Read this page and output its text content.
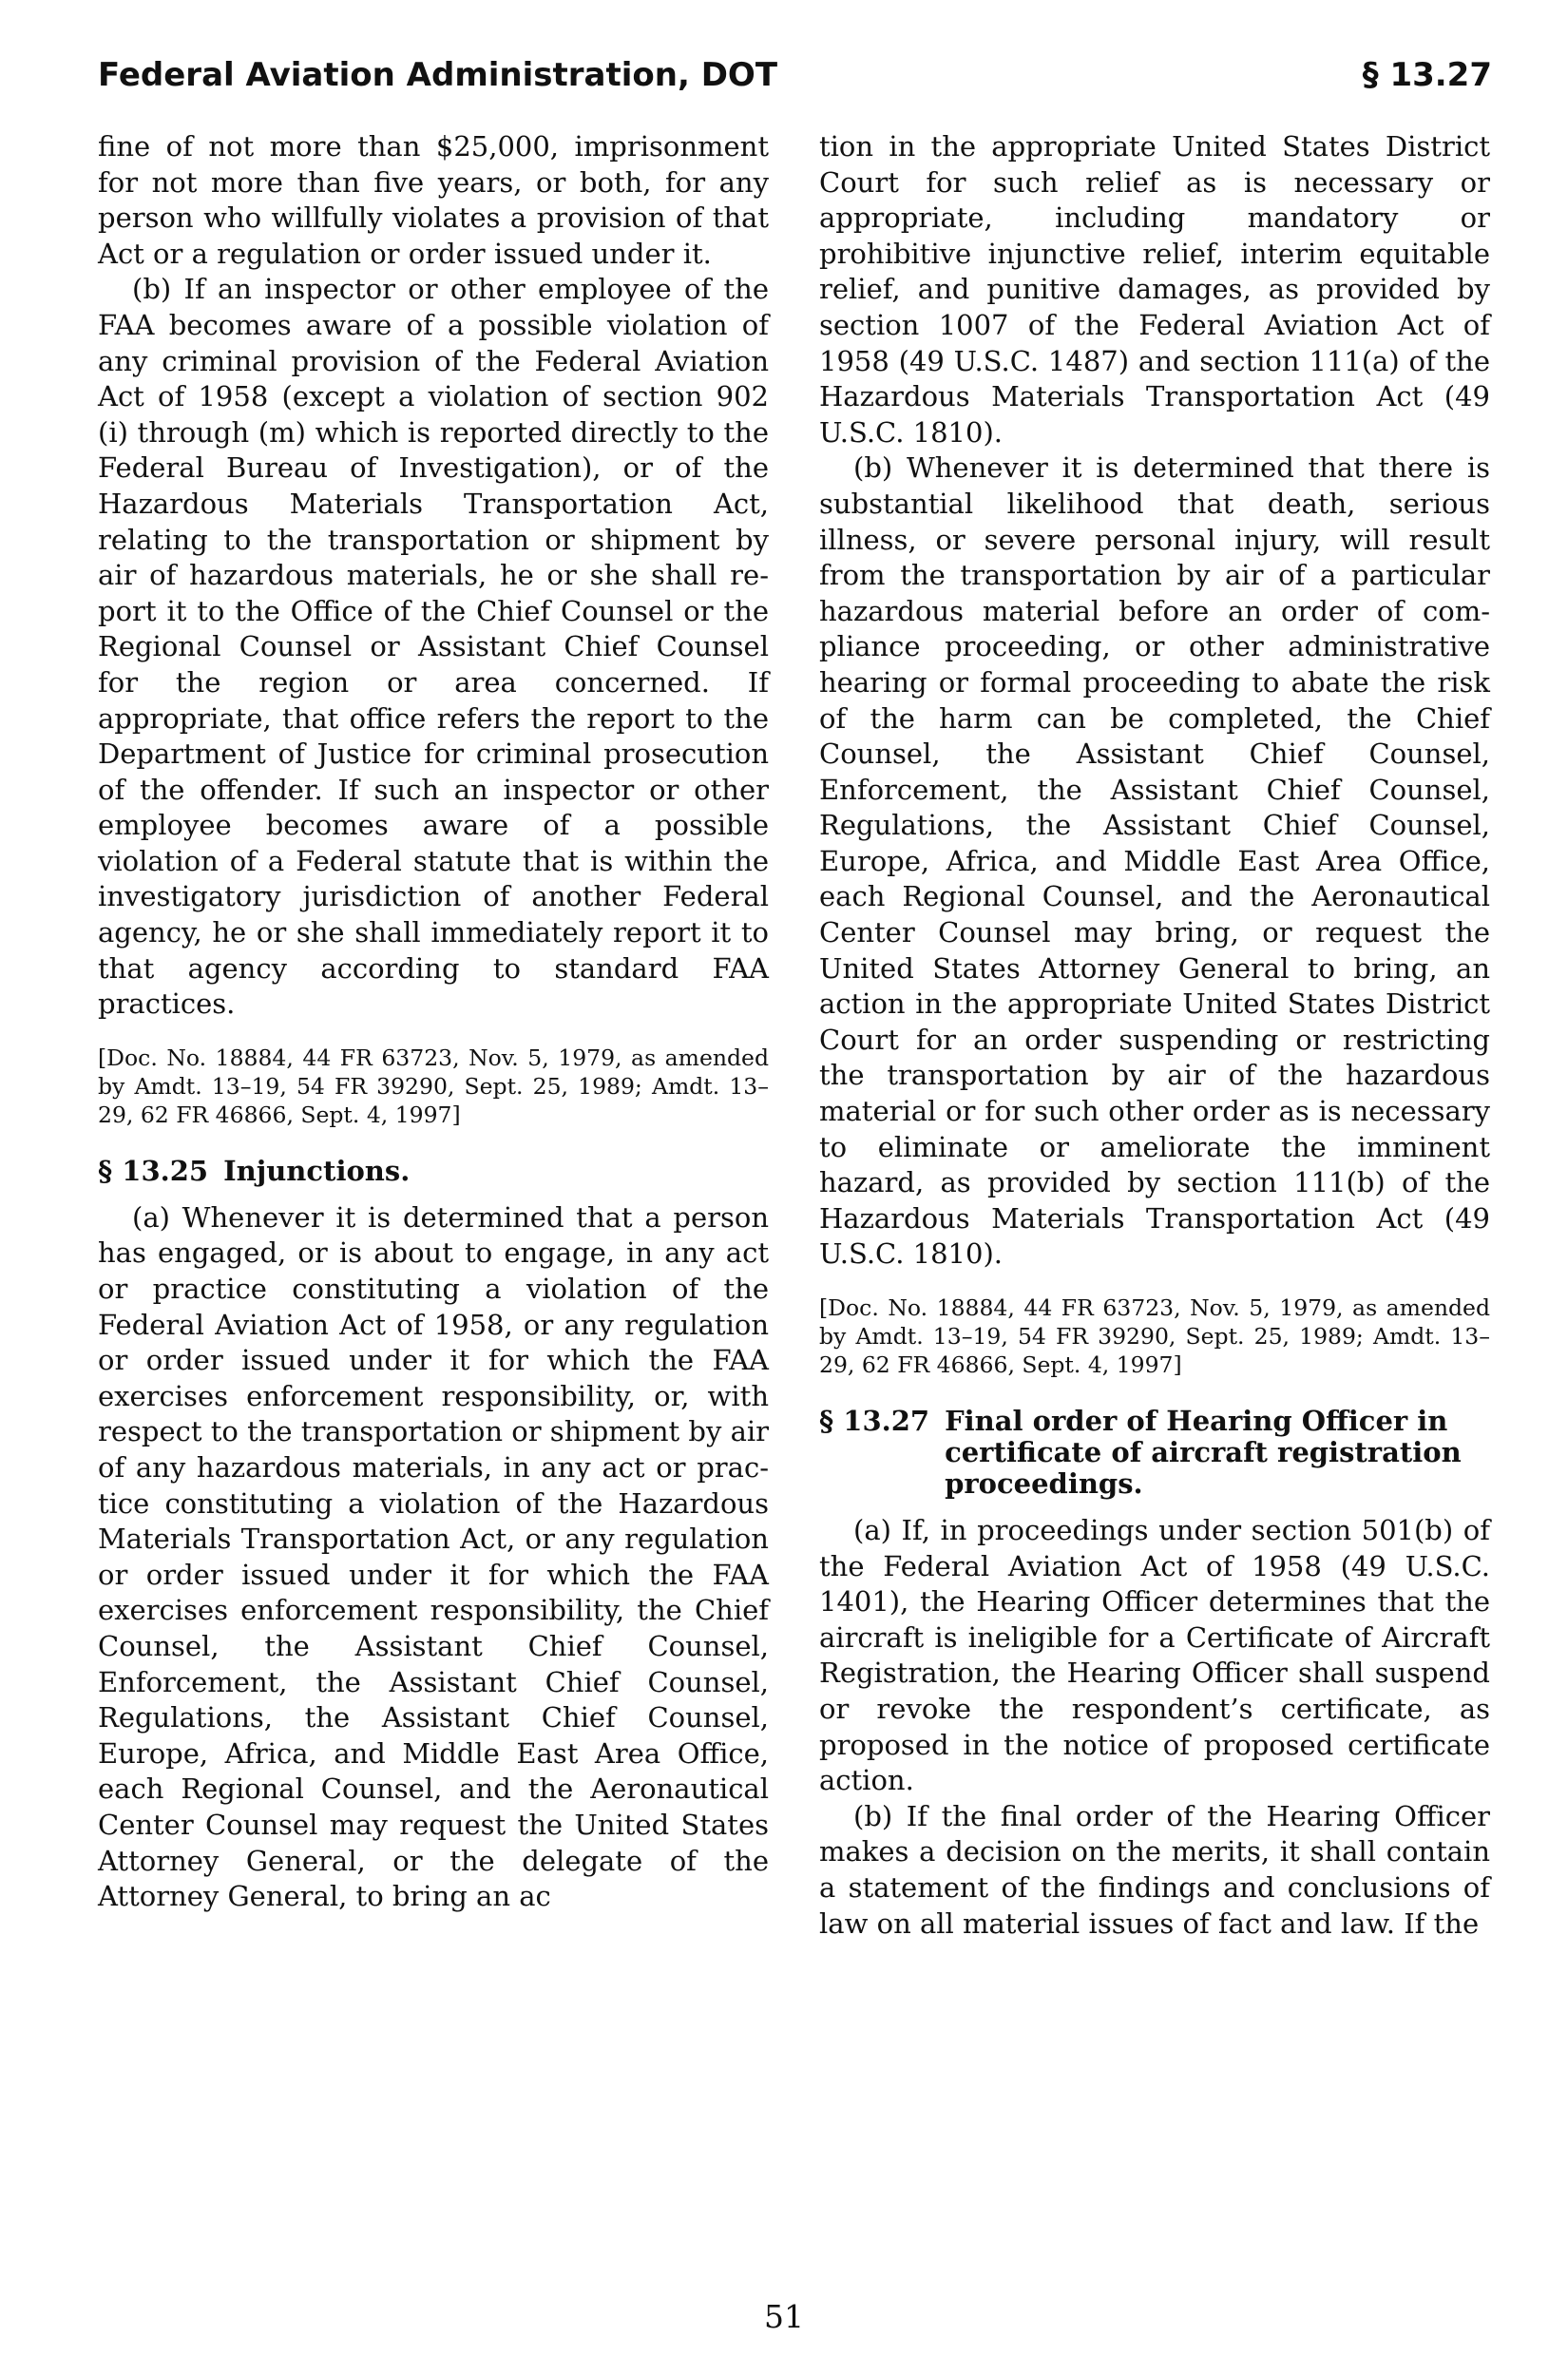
Federal Aviation Administration, DOT	§ 13.27

fine of not more than $25,000, imprisonment for not more than five years, or both, for any person who willfully violates a provision of that Act or a regulation or order issued under it.

(b) If an inspector or other employee of the FAA becomes aware of a possible violation of any criminal provision of the Federal Aviation Act of 1958 (except a violation of section 902 (i) through (m) which is reported directly to the Federal Bureau of Investigation), or of the Hazardous Materials Transportation Act, relating to the transportation or shipment by air of hazardous materials, he or she shall report it to the Office of the Chief Counsel or the Regional Counsel or Assistant Chief Counsel for the region or area concerned. If appropriate, that office refers the report to the Department of Justice for criminal prosecution of the offender. If such an inspector or other employee becomes aware of a possible violation of a Federal statute that is within the investigatory jurisdiction of another Federal agency, he or she shall immediately report it to that agency according to standard FAA practices.

[Doc. No. 18884, 44 FR 63723, Nov. 5, 1979, as amended by Amdt. 13–19, 54 FR 39290, Sept. 25, 1989; Amdt. 13–29, 62 FR 46866, Sept. 4, 1997]

§ 13.25 Injunctions.

(a) Whenever it is determined that a person has engaged, or is about to engage, in any act or practice constituting a violation of the Federal Aviation Act of 1958, or any regulation or order issued under it for which the FAA exercises enforcement responsibility, or, with respect to the transportation or shipment by air of any hazardous materials, in any act or practice constituting a violation of the Hazardous Materials Transportation Act, or any regulation or order issued under it for which the FAA exercises enforcement responsibility, the Chief Counsel, the Assistant Chief Counsel, Enforcement, the Assistant Chief Counsel, Regulations, the Assistant Chief Counsel, Europe, Africa, and Middle East Area Office, each Regional Counsel, and the Aeronautical Center Counsel may request the United States Attorney General, or the delegate of the Attorney General, to bring an ac

tion in the appropriate United States District Court for such relief as is necessary or appropriate, including mandatory or prohibitive injunctive relief, interim equitable relief, and punitive damages, as provided by section 1007 of the Federal Aviation Act of 1958 (49 U.S.C. 1487) and section 111(a) of the Hazardous Materials Transportation Act (49 U.S.C. 1810).

(b) Whenever it is determined that there is substantial likelihood that death, serious illness, or severe personal injury, will result from the transportation by air of a particular hazardous material before an order of compliance proceeding, or other administrative hearing or formal proceeding to abate the risk of the harm can be completed, the Chief Counsel, the Assistant Chief Counsel, Enforcement, the Assistant Chief Counsel, Regulations, the Assistant Chief Counsel, Europe, Africa, and Middle East Area Office, each Regional Counsel, and the Aeronautical Center Counsel may bring, or request the United States Attorney General to bring, an action in the appropriate United States District Court for an order suspending or restricting the transportation by air of the hazardous material or for such other order as is necessary to eliminate or ameliorate the imminent hazard, as provided by section 111(b) of the Hazardous Materials Transportation Act (49 U.S.C. 1810).

[Doc. No. 18884, 44 FR 63723, Nov. 5, 1979, as amended by Amdt. 13–19, 54 FR 39290, Sept. 25, 1989; Amdt. 13–29, 62 FR 46866, Sept. 4, 1997]

§ 13.27 Final order of Hearing Officer in certificate of aircraft registration proceedings.

(a) If, in proceedings under section 501(b) of the Federal Aviation Act of 1958 (49 U.S.C. 1401), the Hearing Officer determines that the aircraft is ineligible for a Certificate of Aircraft Registration, the Hearing Officer shall suspend or revoke the respondent’s certificate, as proposed in the notice of proposed certificate action.

(b) If the final order of the Hearing Officer makes a decision on the merits, it shall contain a statement of the findings and conclusions of law on all material issues of fact and law. If the

51
